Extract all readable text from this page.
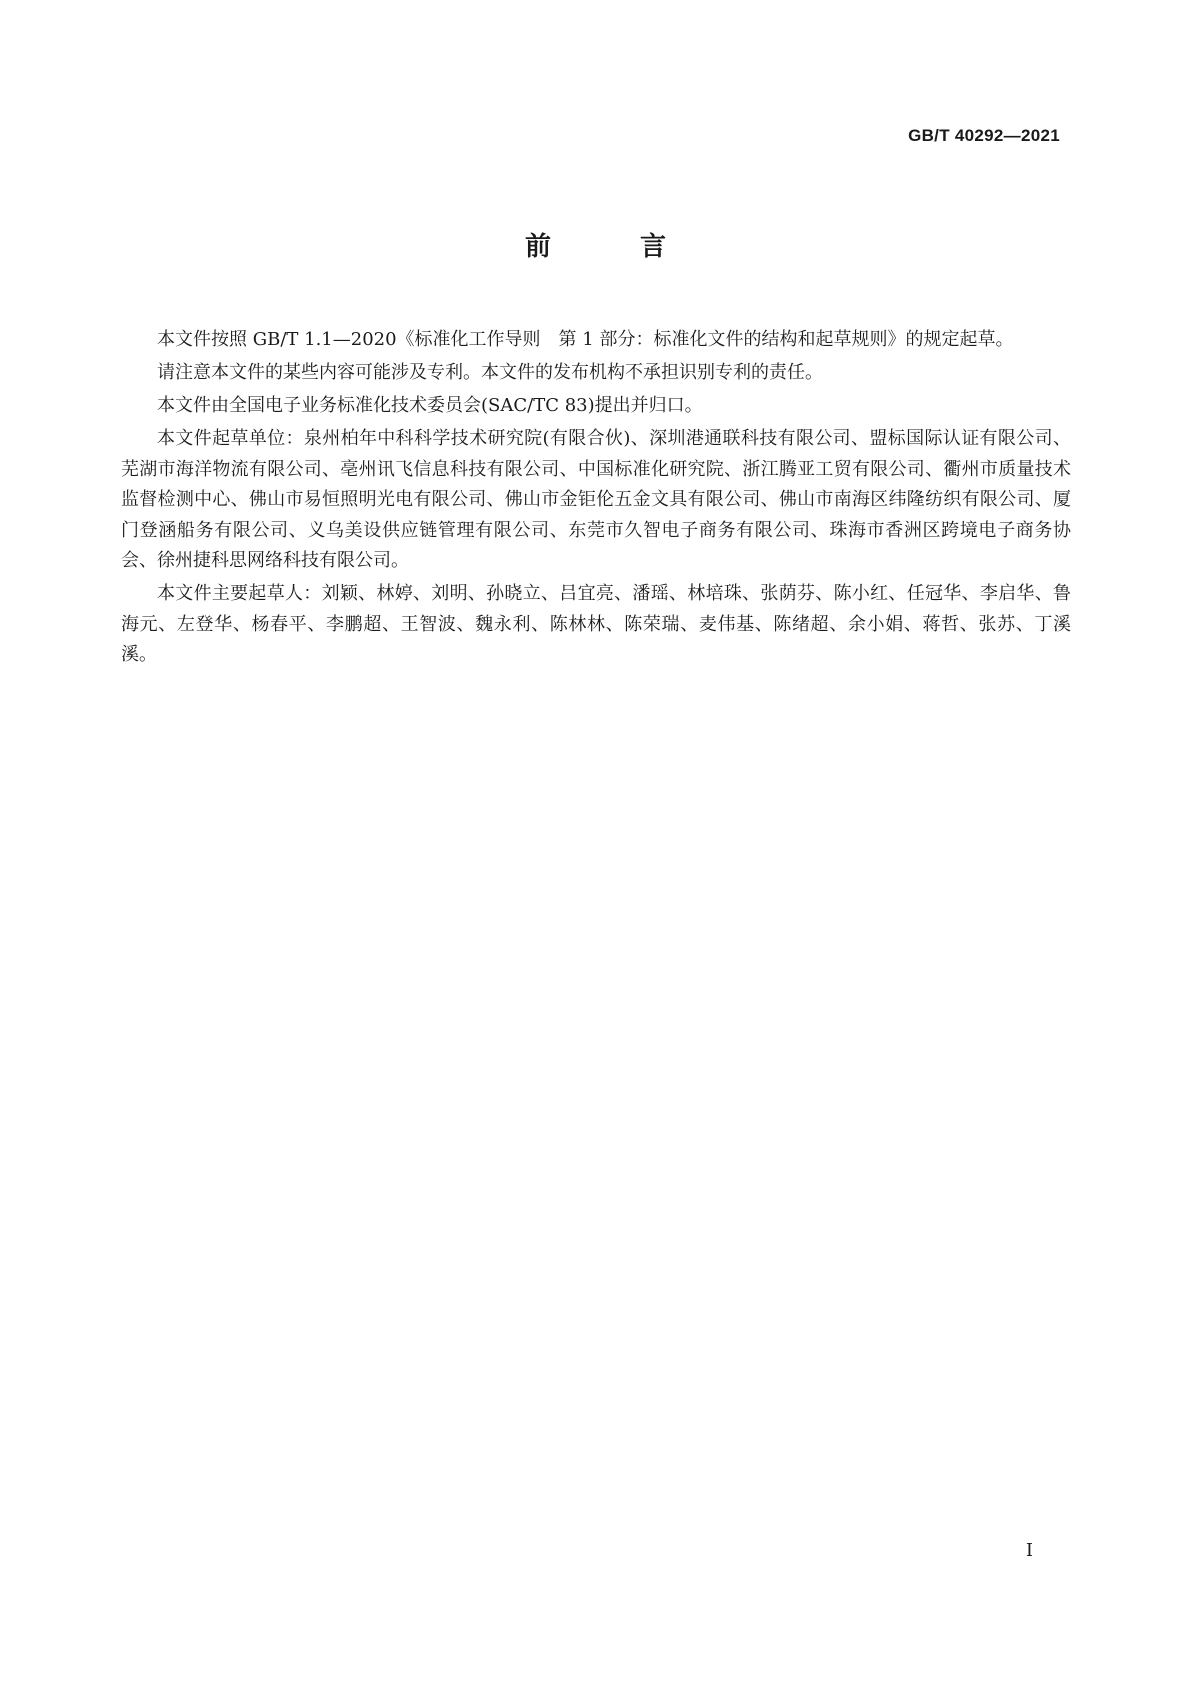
GB/T 40292—2021
前 言

本文件按照 GB/T 1.1—2020《标准化工作导则　第 1 部分：标准化文件的结构和起草规则》的规定起草。

请注意本文件的某些内容可能涉及专利。本文件的发布机构不承担识别专利的责任。

本文件由全国电子业务标准化技术委员会(SAC/TC 83)提出并归口。

本文件起草单位：泉州柏年中科科学技术研究院(有限合伙)、深圳港通联科技有限公司、盟标国际认证有限公司、芜湖市海洋物流有限公司、亳州讯飞信息科技有限公司、中国标准化研究院、浙江腾亚工贸有限公司、衢州市质量技术监督检测中心、佛山市易恒照明光电有限公司、佛山市金钜伦五金文具有限公司、佛山市南海区纬隆纺织有限公司、厦门登涵船务有限公司、义乌美设供应链管理有限公司、东莞市久智电子商务有限公司、珠海市香洲区跨境电子商务协会、徐州捷科思网络科技有限公司。

本文件主要起草人：刘颖、林婷、刘明、孙晓立、吕宜亮、潘瑶、林培珠、张荫芬、陈小红、任冠华、李启华、鲁海元、左登华、杨春平、李鹏超、王智波、魏永利、陈林林、陈荣瑞、麦伟基、陈绪超、余小娟、蒋哲、张苏、丁溪溪。

I
